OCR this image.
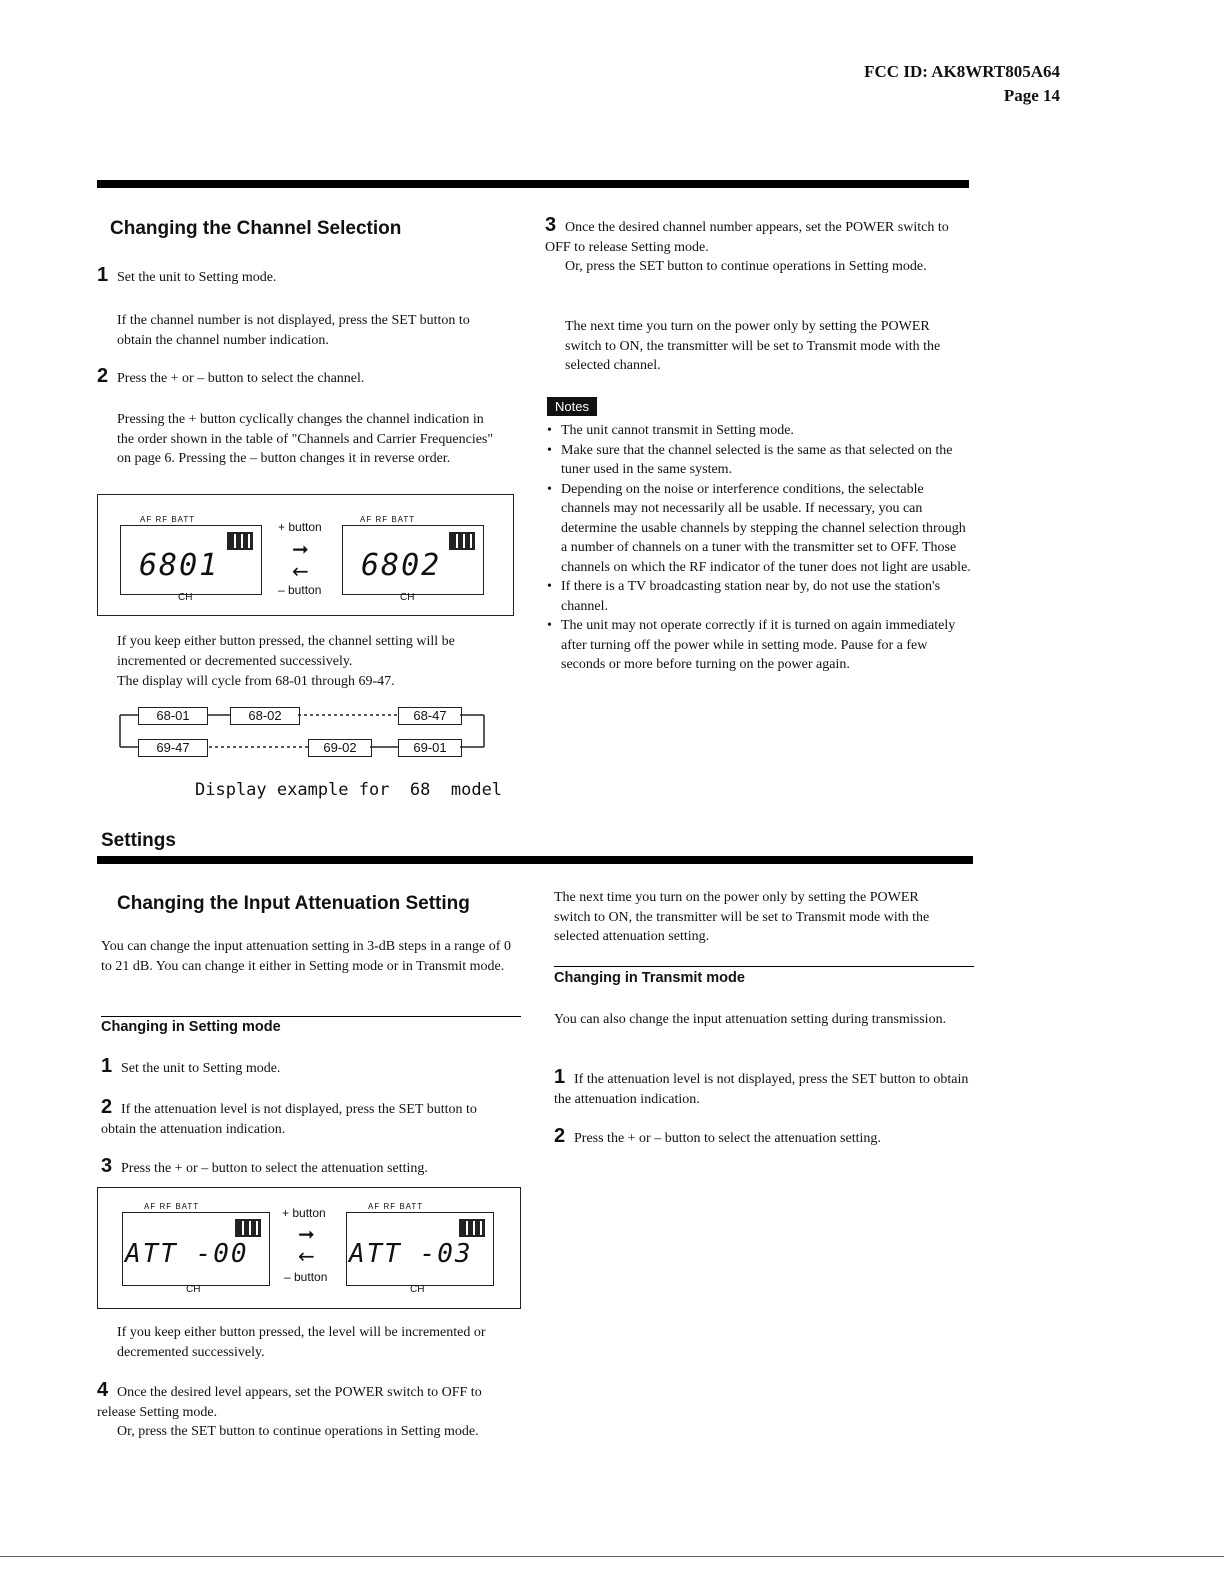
FCC ID: AK8WRT805A64
Page 14
Changing the Channel Selection
1 Set the unit to Setting mode.
If the channel number is not displayed, press the SET button to obtain the channel number indication.
2 Press the + or – button to select the channel.
Pressing the + button cyclically changes the channel indication in the order shown in the table of "Channels and Carrier Frequencies" on page 6. Pressing the – button changes it in reverse order.
AF RF BATT
6801
CH
+ button
➞
←
– button
AF RF BATT
6802
CH
If you keep either button pressed, the channel setting will be incremented or decremented successively.
The display will cycle from 68-01 through 69-47.
68-01	68-02	68-47
69-47	69-02	69-01
Display example for  68  model
3 Once the desired channel number appears, set the POWER switch to OFF to release Setting mode.
Or, press the SET button to continue operations in Setting mode.
The next time you turn on the power only by setting the POWER switch to ON, the transmitter will be set to Transmit mode with the selected channel.
Notes
• The unit cannot transmit in Setting mode.
• Make sure that the channel selected is the same as that selected on the tuner used in the same system.
• Depending on the noise or interference conditions, the selectable channels may not necessarily all be usable. If necessary, you can determine the usable channels by stepping the channel selection through a number of channels on a tuner with the transmitter set to OFF. Those channels on which the RF indicator of the tuner does not light are usable.
• If there is a TV broadcasting station near by, do not use the station's channel.
• The unit may not operate correctly if it is turned on again immediately after turning off the power while in setting mode. Pause for a few seconds or more before turning on the power again.
Settings
Changing the Input Attenuation Setting
You can change the input attenuation setting in 3-dB steps in a range of 0 to 21 dB. You can change it either in Setting mode or in Transmit mode.
Changing in Setting mode
1 Set the unit to Setting mode.
2 If the attenuation level is not displayed, press the SET button to obtain the attenuation indication.
3 Press the + or – button to select the attenuation setting.
AF RF BATT
ATT -00
CH
+ button
➞
←
– button
AF RF BATT
ATT -03
CH
If you keep either button pressed, the level will be incremented or decremented successively.
4 Once the desired level appears, set the POWER switch to OFF to release Setting mode.
Or, press the SET button to continue operations in Setting mode.
The next time you turn on the power only by setting the POWER switch to ON, the transmitter will be set to Transmit mode with the selected attenuation setting.
Changing in Transmit mode
You can also change the input attenuation setting during transmission.
1 If the attenuation level is not displayed, press the SET button to obtain the attenuation indication.
2 Press the + or – button to select the attenuation setting.
